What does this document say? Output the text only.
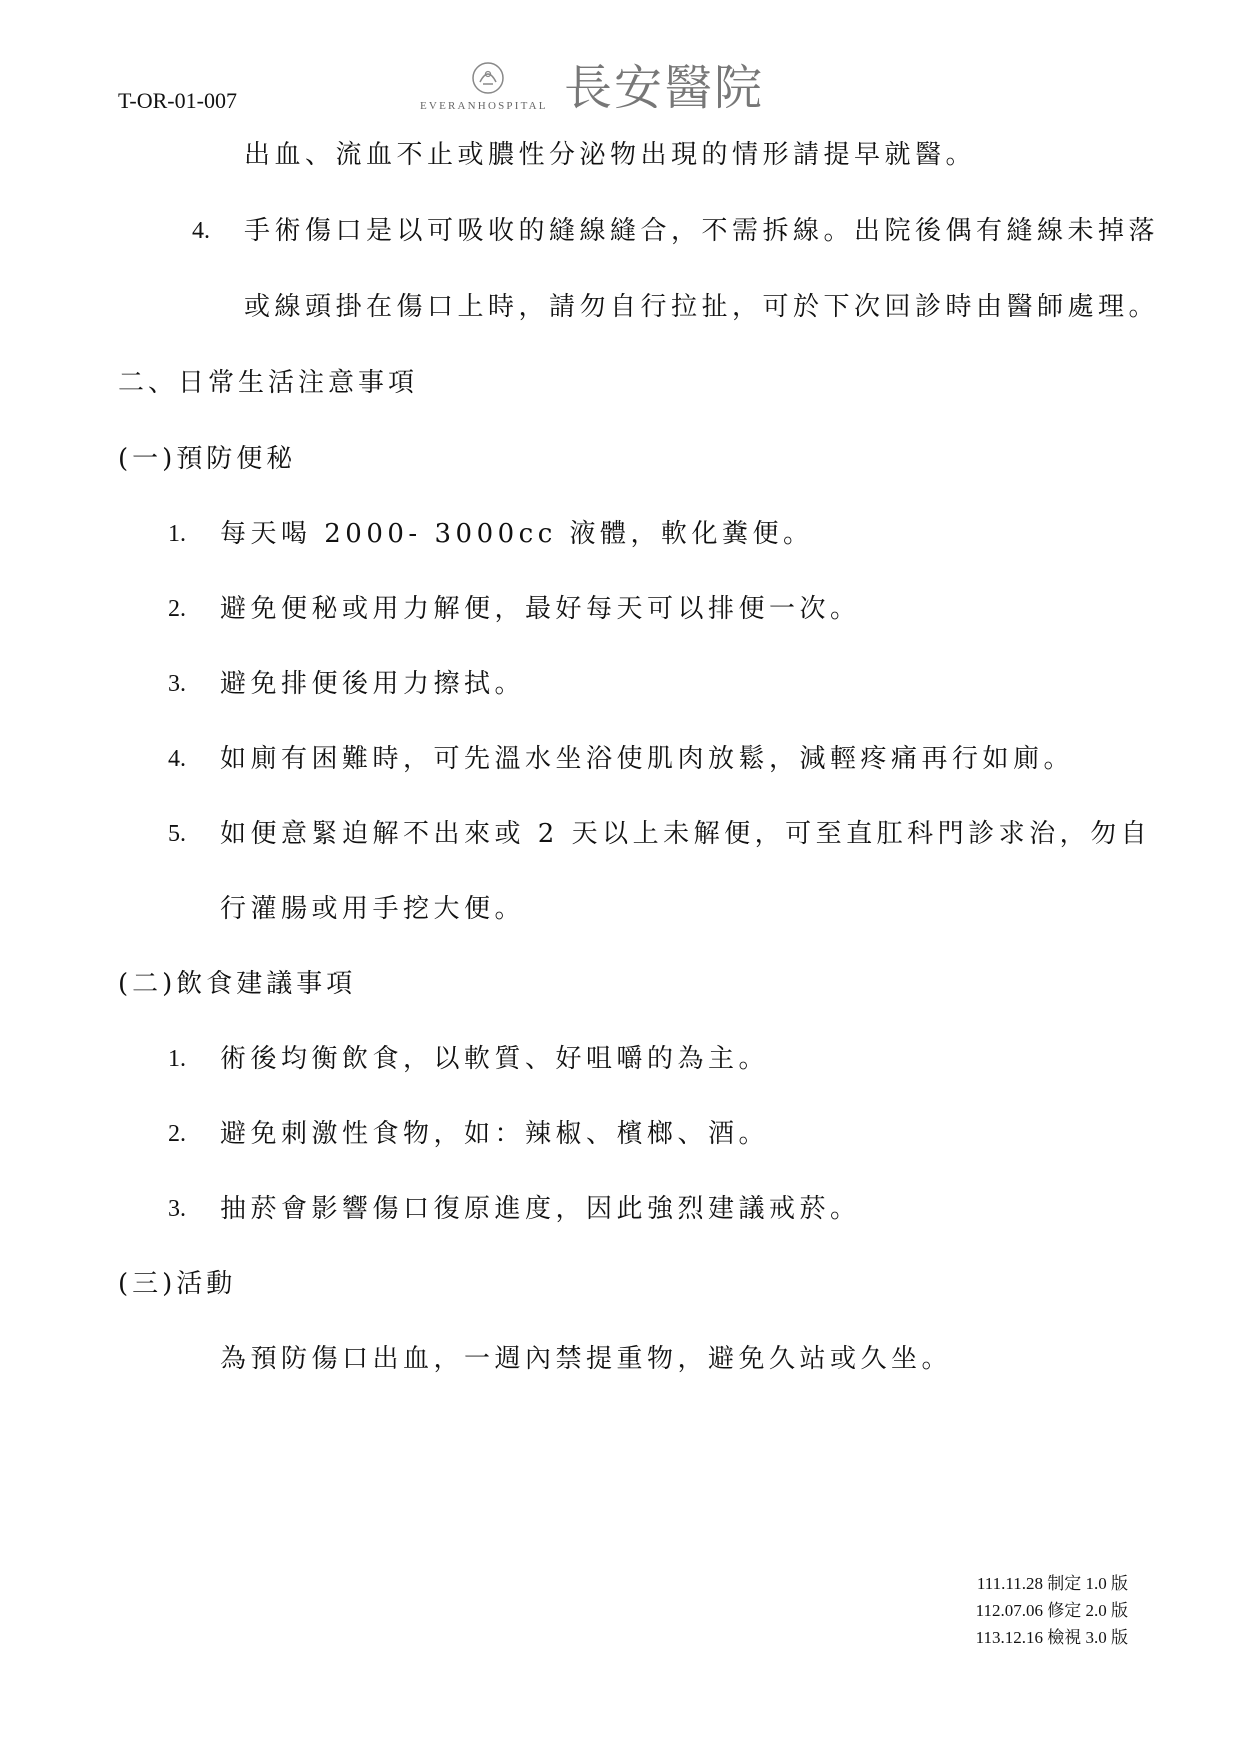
T-OR-01-007	EVERANHOSPITAL 長安醫院
出血、流血不止或膿性分泌物出現的情形請提早就醫。
4. 手術傷口是以可吸收的縫線縫合，不需拆線。出院後偶有縫線未掉落
或線頭掛在傷口上時，請勿自行拉扯，可於下次回診時由醫師處理。
二、日常生活注意事項
(一)預防便秘
1. 每天喝 2000- 3000cc 液體，軟化糞便。
2. 避免便秘或用力解便，最好每天可以排便一次。
3. 避免排便後用力擦拭。
4. 如廁有困難時，可先溫水坐浴使肌肉放鬆，減輕疼痛再行如廁。
5. 如便意緊迫解不出來或 2 天以上未解便，可至直肛科門診求治，勿自
行灌腸或用手挖大便。
(二)飲食建議事項
1. 術後均衡飲食，以軟質、好咀嚼的為主。
2. 避免刺激性食物，如：辣椒、檳榔、酒。
3. 抽菸會影響傷口復原進度，因此強烈建議戒菸。
(三)活動
為預防傷口出血，一週內禁提重物，避免久站或久坐。
111.11.28 制定 1.0 版
112.07.06 修定 2.0 版
113.12.16 檢視 3.0 版
